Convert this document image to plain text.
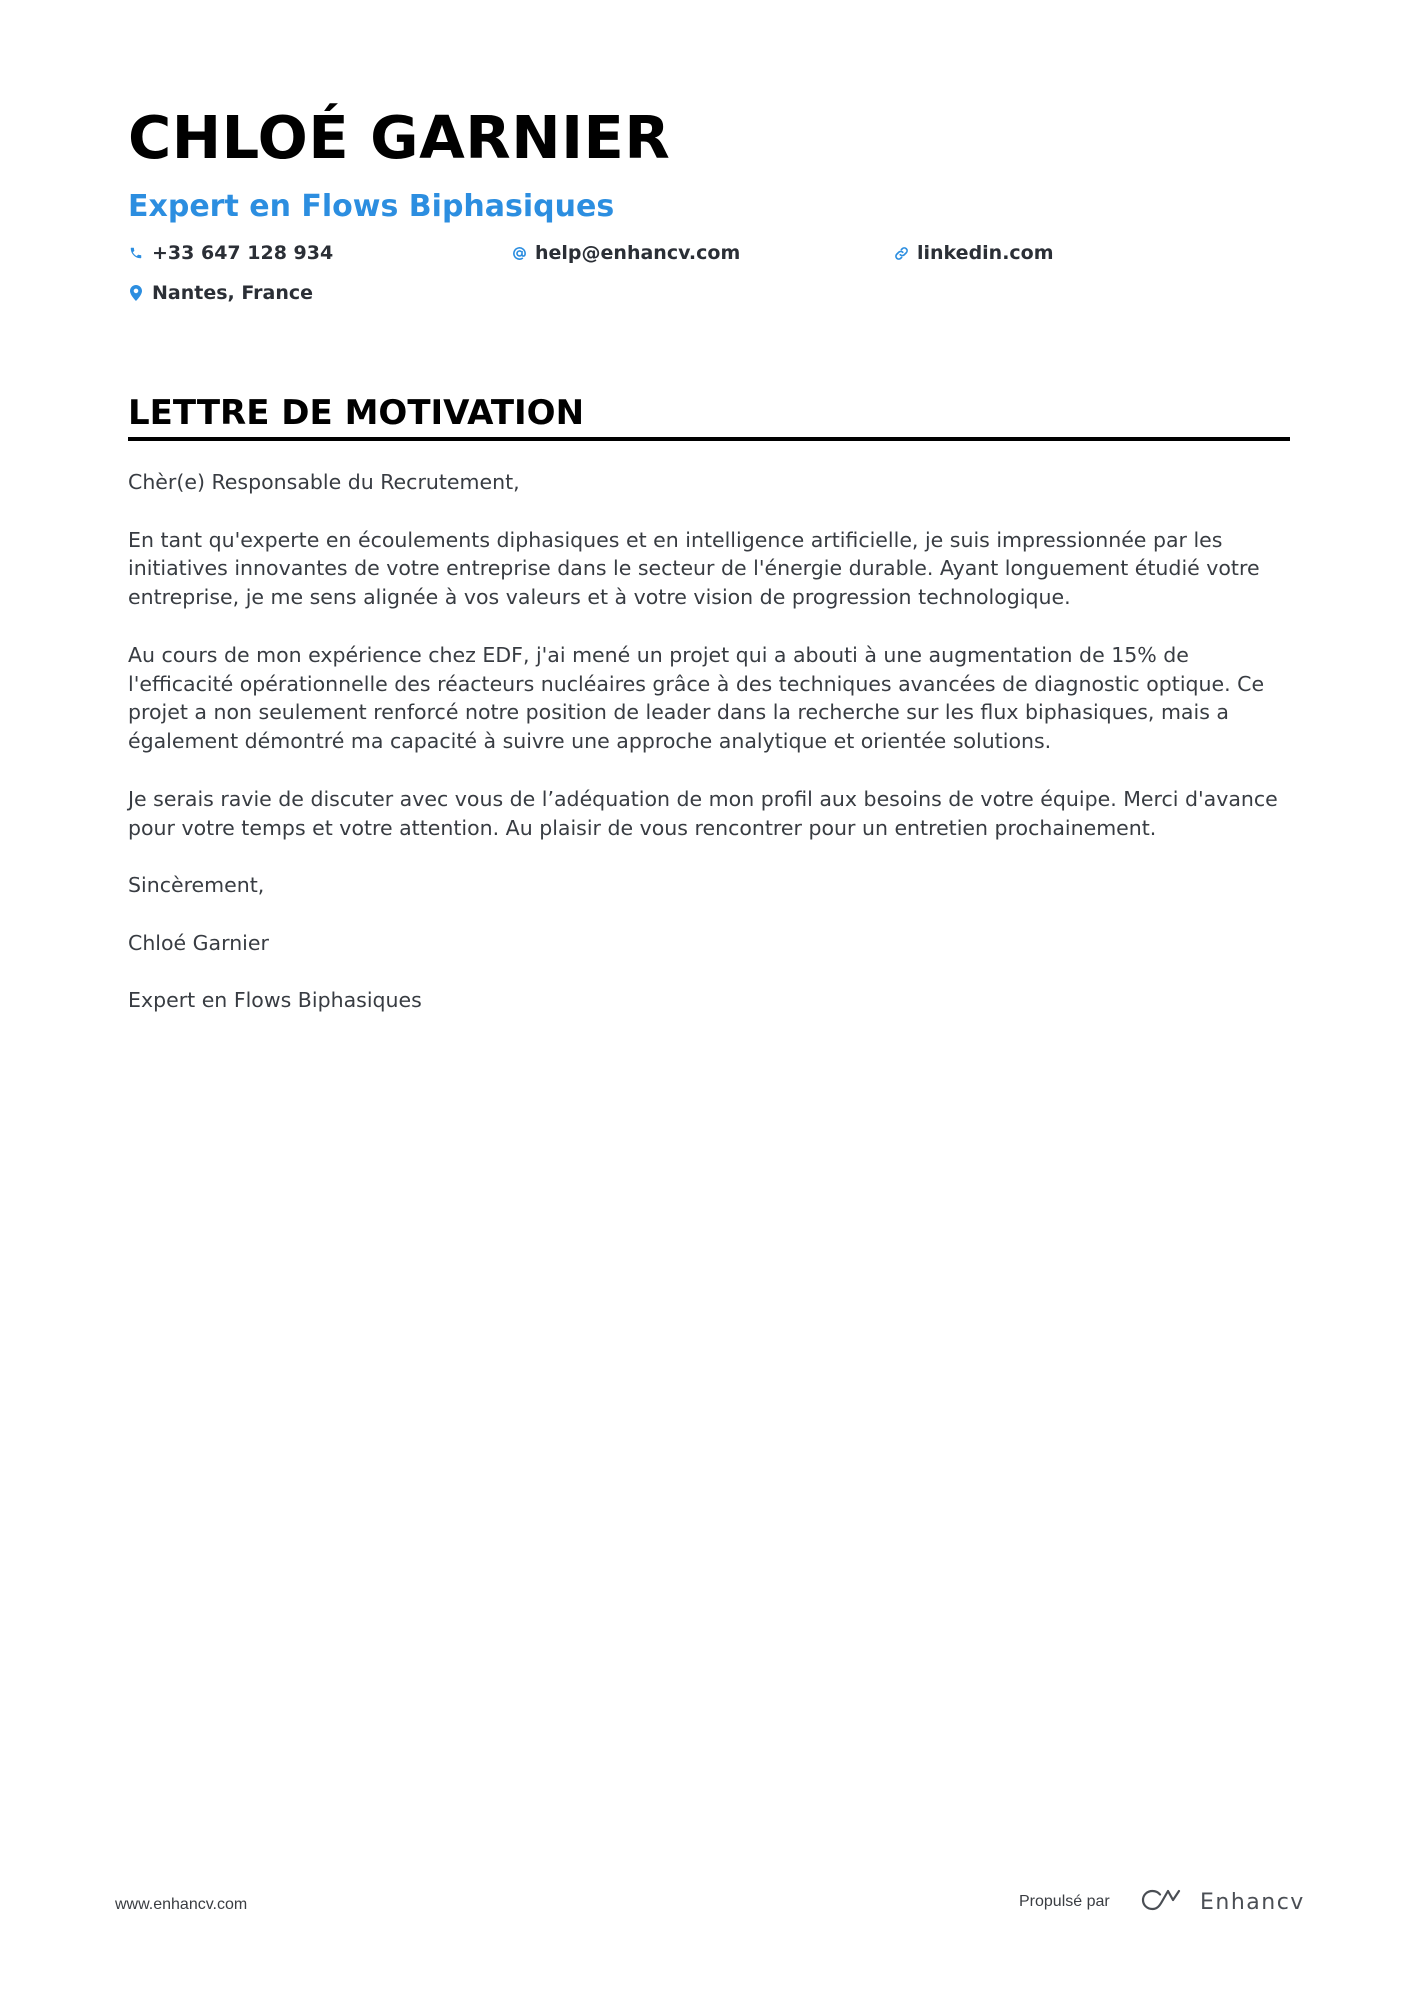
CHLOÉ GARNIER
Expert en Flows Biphasiques
+33 647 128 934	help@enhancv.com	linkedin.com
Nantes, France
LETTRE DE MOTIVATION

Chèr(e) Responsable du Recrutement,

En tant qu'experte en écoulements diphasiques et en intelligence artificielle, je suis impressionnée par les initiatives innovantes de votre entreprise dans le secteur de l'énergie durable. Ayant longuement étudié votre entreprise, je me sens alignée à vos valeurs et à votre vision de progression technologique.

Au cours de mon expérience chez EDF, j'ai mené un projet qui a abouti à une augmentation de 15% de l'efficacité opérationnelle des réacteurs nucléaires grâce à des techniques avancées de diagnostic optique. Ce projet a non seulement renforcé notre position de leader dans la recherche sur les flux biphasiques, mais a également démontré ma capacité à suivre une approche analytique et orientée solutions.

Je serais ravie de discuter avec vous de l’adéquation de mon profil aux besoins de votre équipe. Merci d'avance pour votre temps et votre attention. Au plaisir de vous rencontrer pour un entretien prochainement.

Sincèrement,

Chloé Garnier

Expert en Flows Biphasiques

www.enhancv.com	Propulsé par	Enhancv
